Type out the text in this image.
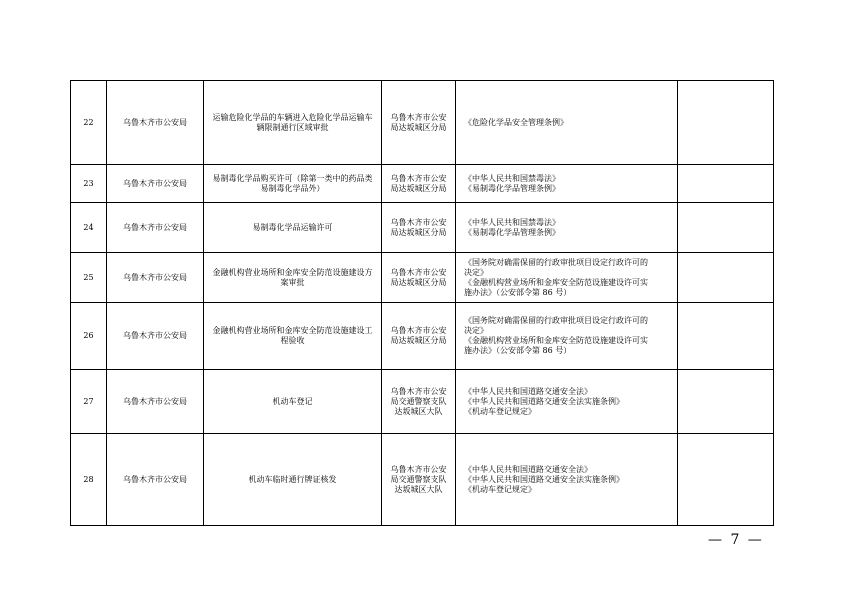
22	乌鲁木齐市公安局	运输危险化学品的车辆进入危险化学品运输车辆限制通行区域审批	乌鲁木齐市公安局达坂城区分局	《危险化学品安全管理条例》	

23	乌鲁木齐市公安局	易制毒化学品购买许可（除第一类中的药品类易制毒化学品外）	乌鲁木齐市公安局达坂城区分局	《中华人民共和国禁毒法》
《易制毒化学品管理条例》	

24	乌鲁木齐市公安局	易制毒化学品运输许可	乌鲁木齐市公安局达坂城区分局	《中华人民共和国禁毒法》
《易制毒化学品管理条例》	

25	乌鲁木齐市公安局	金融机构营业场所和金库安全防范设施建设方案审批	乌鲁木齐市公安局达坂城区分局	《国务院对确需保留的行政审批项目设定行政许可的
决定》
《金融机构营业场所和金库安全防范设施建设许可实
施办法》（公安部令第 86 号）	

26	乌鲁木齐市公安局	金融机构营业场所和金库安全防范设施建设工程验收	乌鲁木齐市公安局达坂城区分局	《国务院对确需保留的行政审批项目设定行政许可的
决定》
《金融机构营业场所和金库安全防范设施建设许可实
施办法》（公安部令第 86 号）	

27	乌鲁木齐市公安局	机动车登记	乌鲁木齐市公安局交通警察支队达坂城区大队	《中华人民共和国道路交通安全法》
《中华人民共和国道路交通安全法实施条例》
《机动车登记规定》	

28	乌鲁木齐市公安局	机动车临时通行牌证核发	乌鲁木齐市公安局交通警察支队达坂城区大队	《中华人民共和国道路交通安全法》
《中华人民共和国道路交通安全法实施条例》
《机动车登记规定》	

— 7 —
